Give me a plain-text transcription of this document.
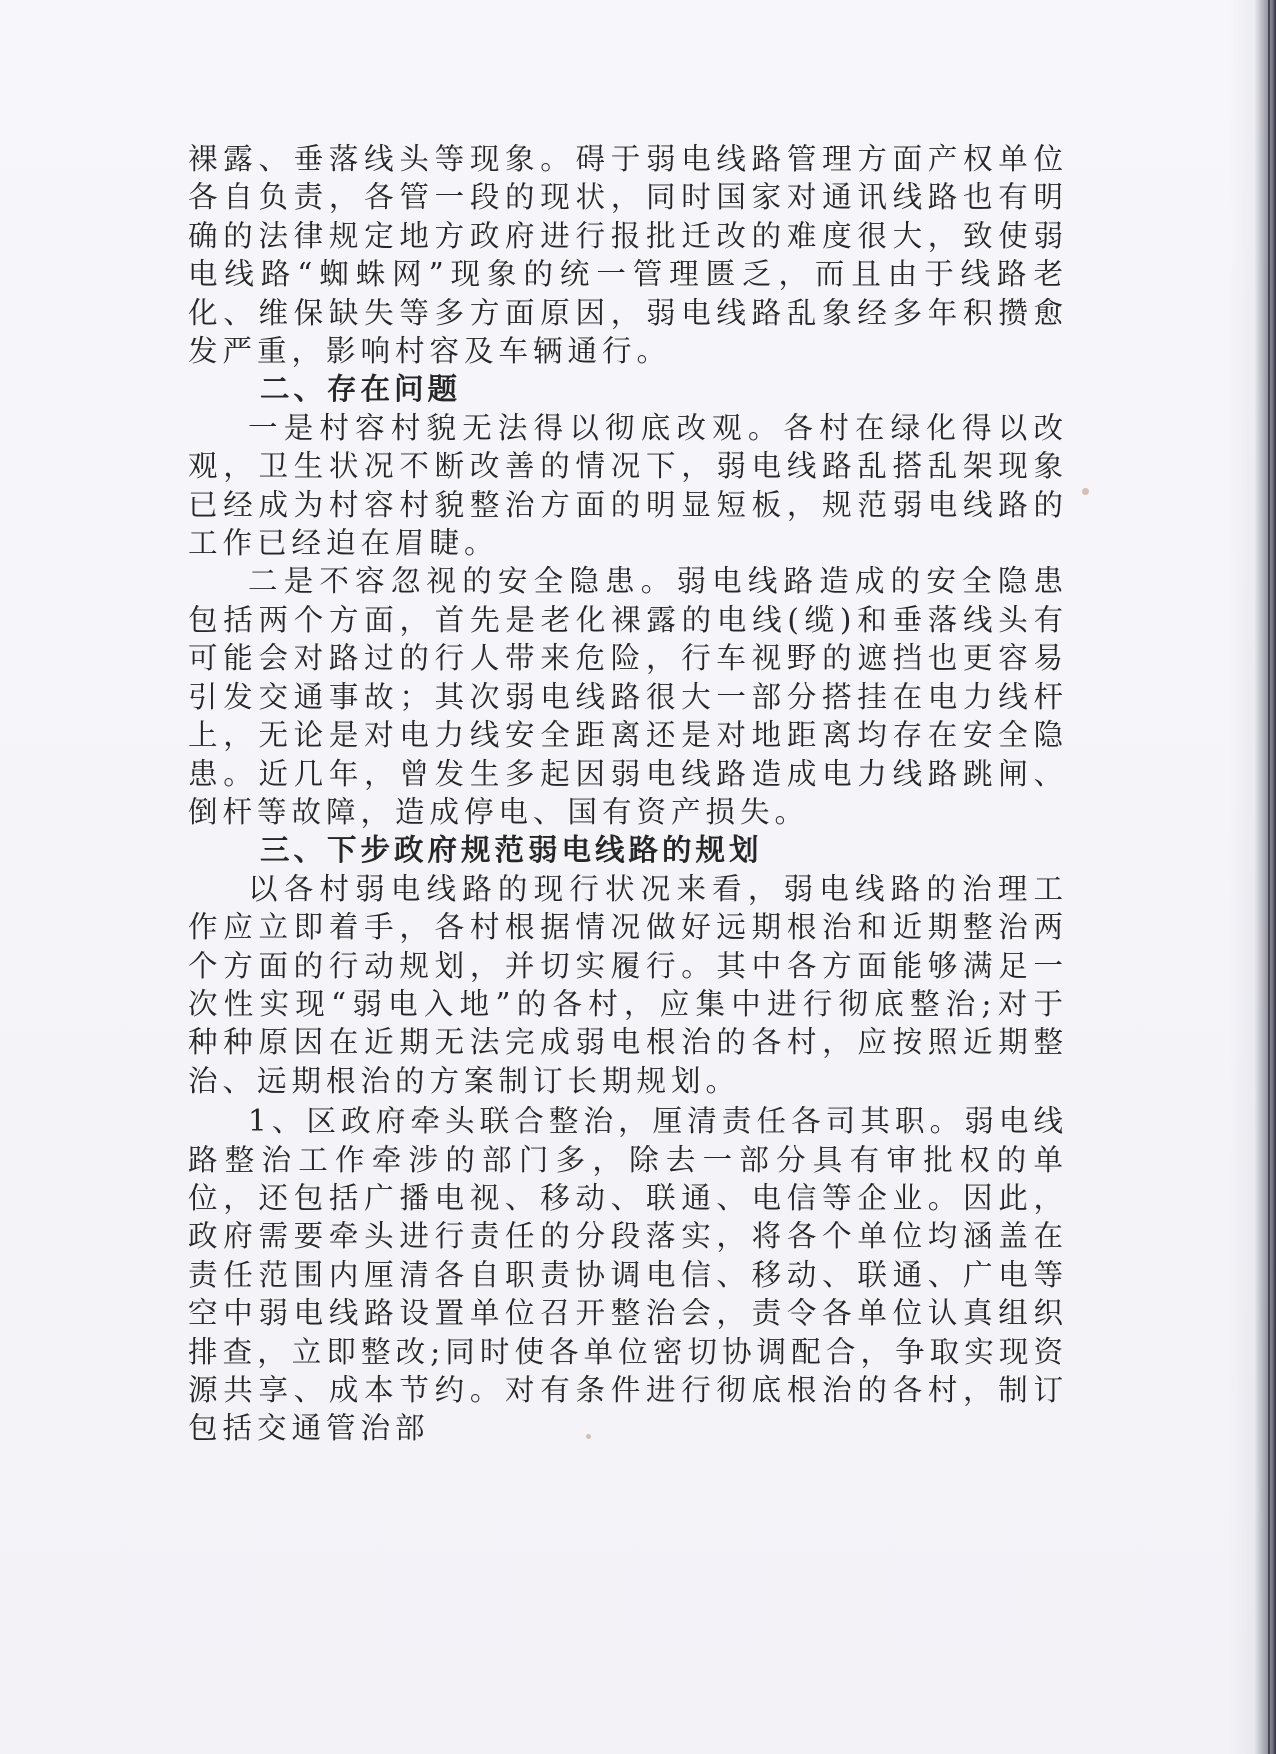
裸露、垂落线头等现象。碍于弱电线路管理方面产权单位各自负责，各管一段的现状，同时国家对通讯线路也有明确的法律规定地方政府进行报批迁改的难度很大，致使弱电线路“蜘蛛网”现象的统一管理匮乏，而且由于线路老化、维保缺失等多方面原因，弱电线路乱象经多年积攒愈发严重，影响村容及车辆通行。

二、存在问题

一是村容村貌无法得以彻底改观。各村在绿化得以改观，卫生状况不断改善的情况下，弱电线路乱搭乱架现象已经成为村容村貌整治方面的明显短板，规范弱电线路的工作已经迫在眉睫。

二是不容忽视的安全隐患。弱电线路造成的安全隐患包括两个方面，首先是老化裸露的电线(缆)和垂落线头有可能会对路过的行人带来危险，行车视野的遮挡也更容易引发交通事故；其次弱电线路很大一部分搭挂在电力线杆上，无论是对电力线安全距离还是对地距离均存在安全隐患。近几年，曾发生多起因弱电线路造成电力线路跳闸、倒杆等故障，造成停电、国有资产损失。

三、下步政府规范弱电线路的规划

以各村弱电线路的现行状况来看，弱电线路的治理工作应立即着手，各村根据情况做好远期根治和近期整治两个方面的行动规划，并切实履行。其中各方面能够满足一次性实现“弱电入地”的各村，应集中进行彻底整治;对于种种原因在近期无法完成弱电根治的各村，应按照近期整治、远期根治的方案制订长期规划。

1、区政府牵头联合整治，厘清责任各司其职。弱电线路整治工作牵涉的部门多，除去一部分具有审批权的单位，还包括广播电视、移动、联通、电信等企业。因此，政府需要牵头进行责任的分段落实，将各个单位均涵盖在责任范围内厘清各自职责协调电信、移动、联通、广电等空中弱电线路设置单位召开整治会，责令各单位认真组织排查，立即整改;同时使各单位密切协调配合，争取实现资源共享、成本节约。对有条件进行彻底根治的各村，制订包括交通管治部
